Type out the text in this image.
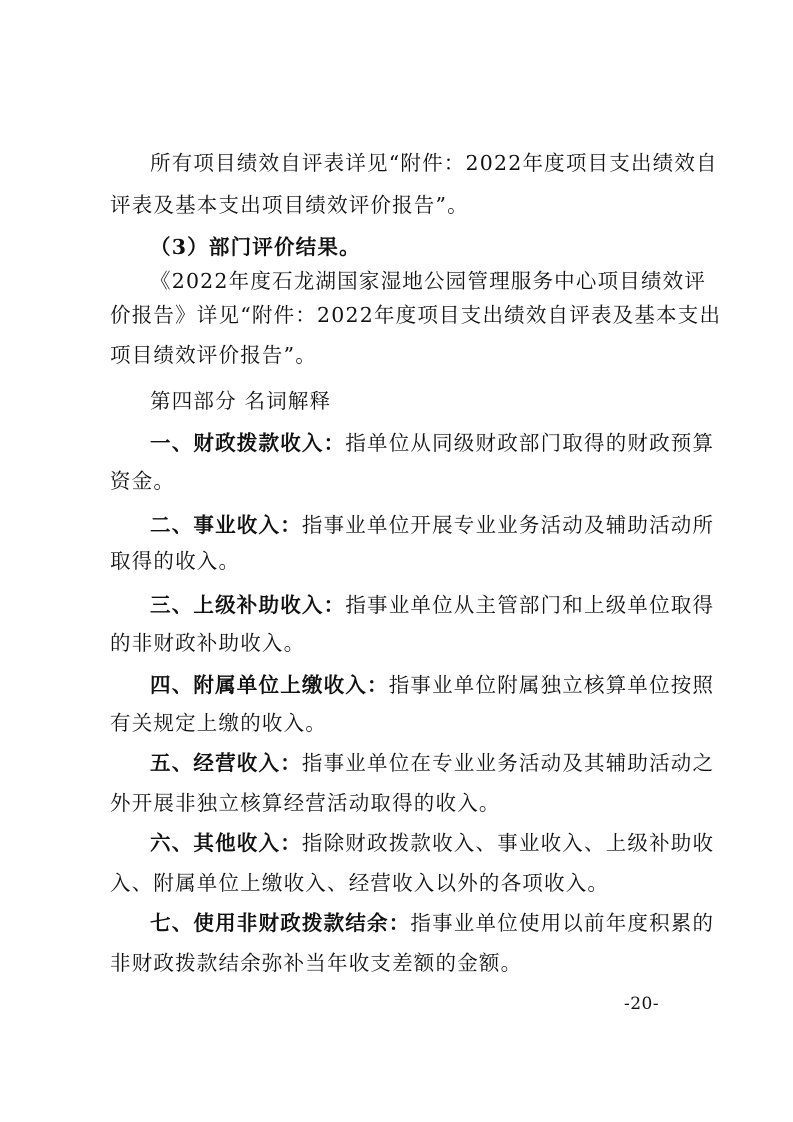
所有项目绩效自评表详见“附件：2022年度项目支出绩效自
评表及基本支出项目绩效评价报告”。
（3）部门评价结果。
《2022年度石龙湖国家湿地公园管理服务中心项目绩效评
价报告》详见“附件：2022年度项目支出绩效自评表及基本支出
项目绩效评价报告”。
第四部分 名词解释
一、财政拨款收入：指单位从同级财政部门取得的财政预算
资金。
二、事业收入：指事业单位开展专业业务活动及辅助活动所
取得的收入。
三、上级补助收入：指事业单位从主管部门和上级单位取得
的非财政补助收入。
四、附属单位上缴收入：指事业单位附属独立核算单位按照
有关规定上缴的收入。
五、经营收入：指事业单位在专业业务活动及其辅助活动之
外开展非独立核算经营活动取得的收入。
六、其他收入：指除财政拨款收入、事业收入、上级补助收
入、附属单位上缴收入、经营收入以外的各项收入。
七、使用非财政拨款结余：指事业单位使用以前年度积累的
非财政拨款结余弥补当年收支差额的金额。
-20-
